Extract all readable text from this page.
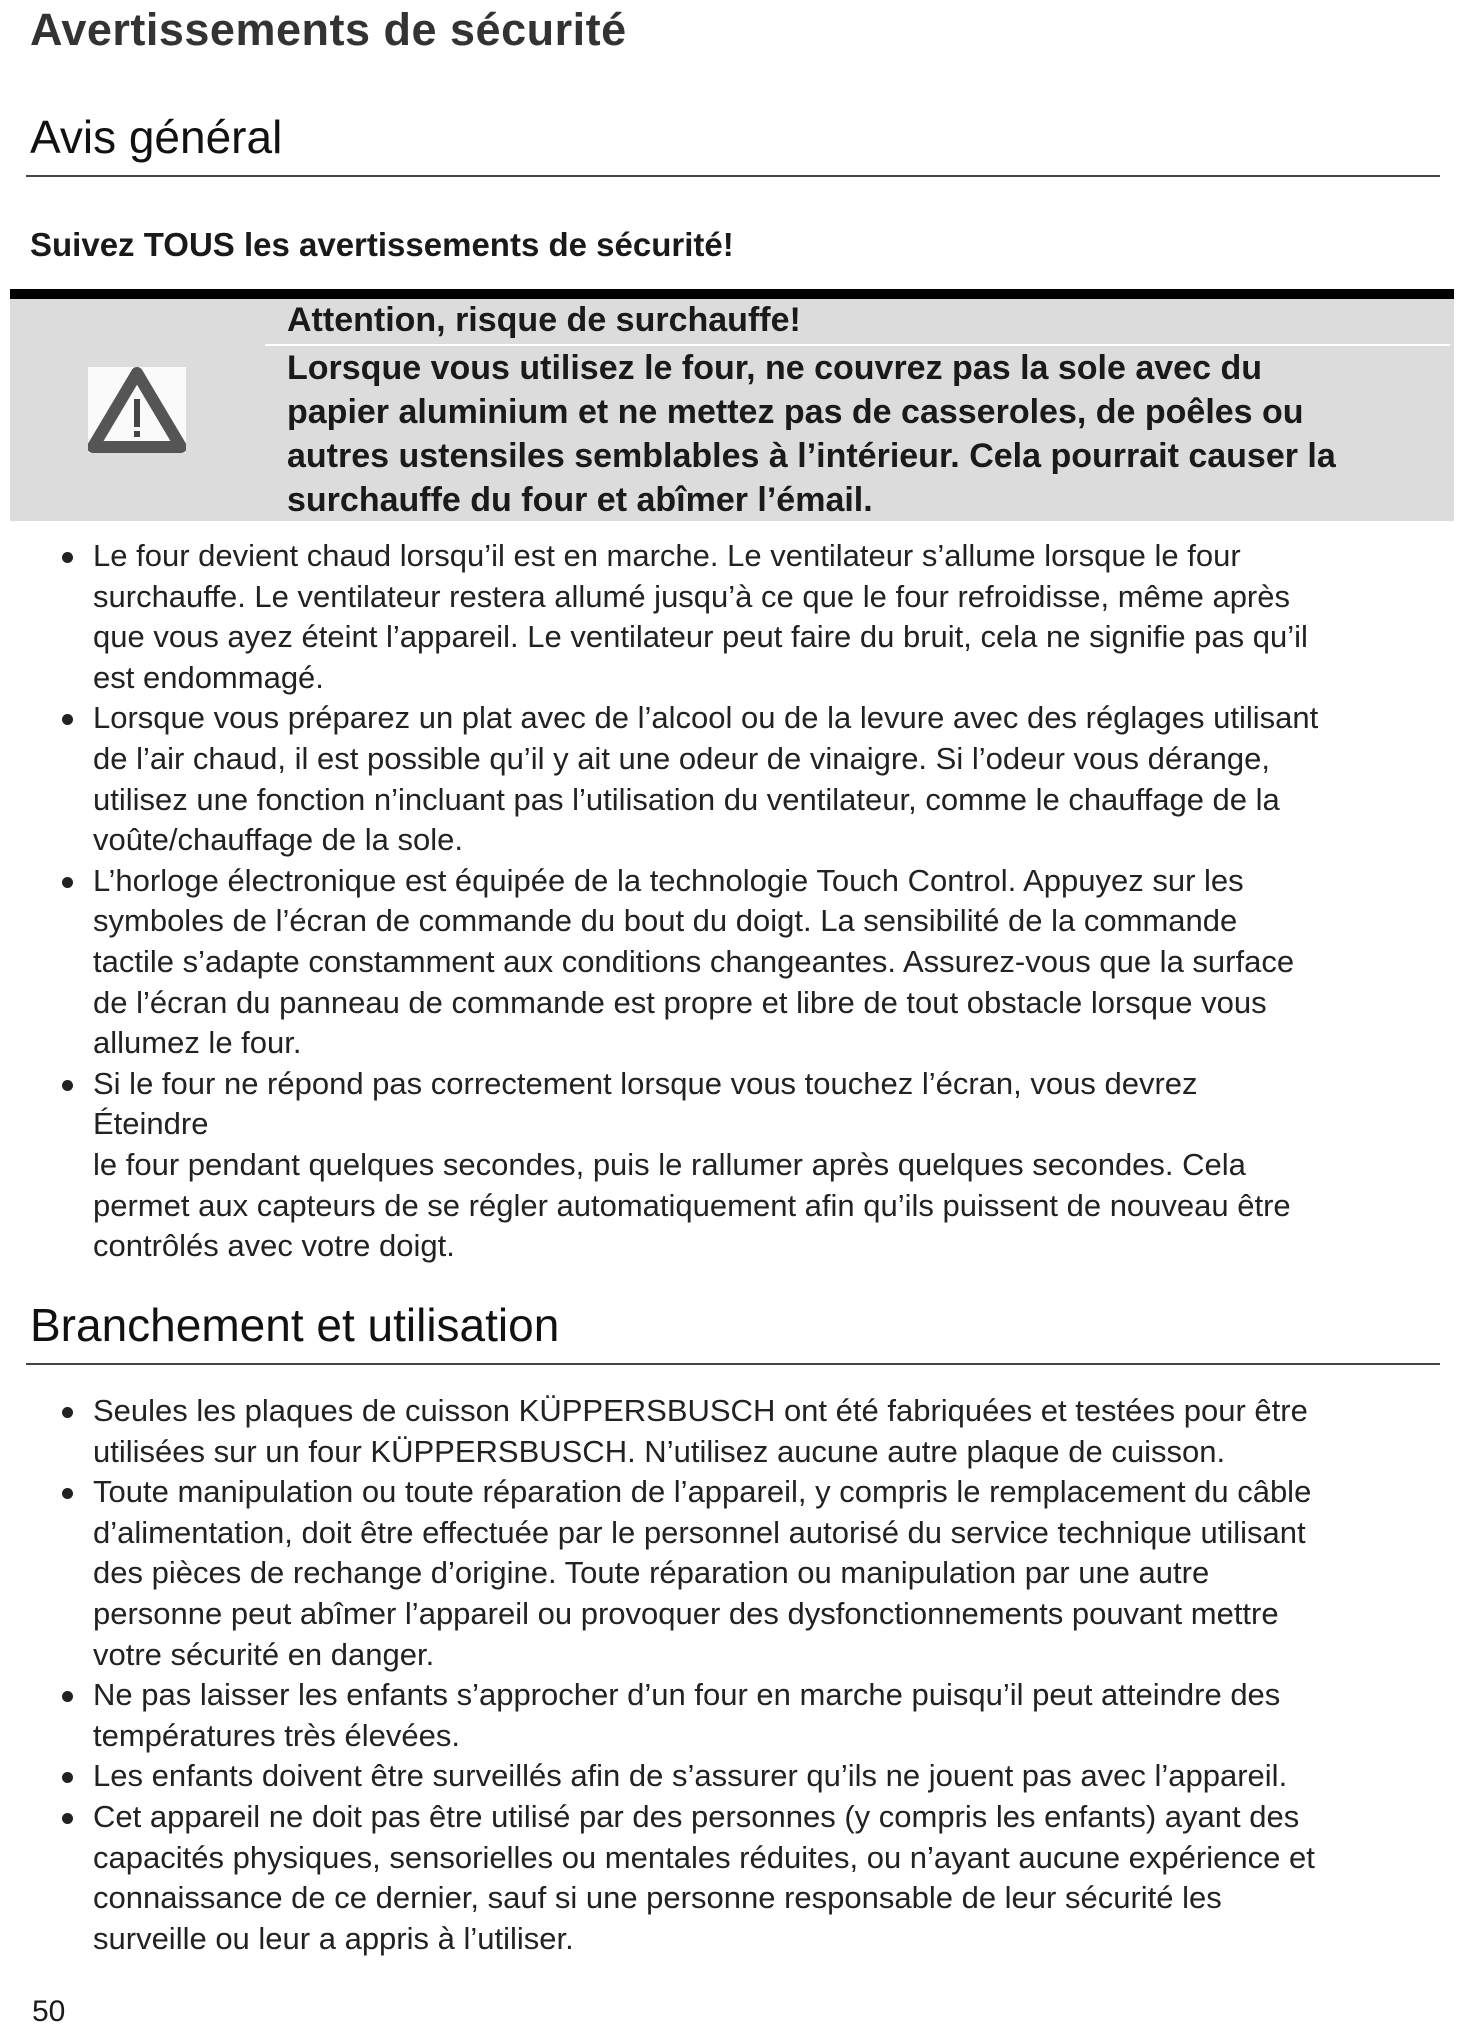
Avertissements de sécurité
Avis général
Suivez TOUS les avertissements de sécurité!
Attention, risque de surchauffe!
Lorsque vous utilisez le four, ne couvrez pas la sole avec du
papier aluminium et ne mettez pas de casseroles, de poêles ou
autres ustensiles semblables à l’intérieur. Cela pourrait causer la
surchauffe du four et abîmer l’émail.
Le four devient chaud lorsqu’il est en marche. Le ventilateur s’allume lorsque le four
surchauffe. Le ventilateur restera allumé jusqu’à ce que le four refroidisse, même après
que vous ayez éteint l’appareil. Le ventilateur peut faire du bruit, cela ne signifie pas qu’il
est endommagé.
Lorsque vous préparez un plat avec de l’alcool ou de la levure avec des réglages utilisant
de l’air chaud, il est possible qu’il y ait une odeur de vinaigre. Si l’odeur vous dérange,
utilisez une fonction n’incluant pas l’utilisation du ventilateur, comme le chauffage de la
voûte/chauffage de la sole.
L’horloge électronique est équipée de la technologie Touch Control. Appuyez sur les
symboles de l’écran de commande du bout du doigt. La sensibilité de la commande
tactile s’adapte constamment aux conditions changeantes. Assurez-vous que la surface
de l’écran du panneau de commande est propre et libre de tout obstacle lorsque vous
allumez le four.
Si le four ne répond pas correctement lorsque vous touchez l’écran, vous devrez
Éteindre
le four pendant quelques secondes, puis le rallumer après quelques secondes. Cela
permet aux capteurs de se régler automatiquement afin qu’ils puissent de nouveau être
contrôlés avec votre doigt.
Branchement et utilisation
Seules les plaques de cuisson KÜPPERSBUSCH ont été fabriquées et testées pour être
utilisées sur un four KÜPPERSBUSCH. N’utilisez aucune autre plaque de cuisson.
Toute manipulation ou toute réparation de l’appareil, y compris le remplacement du câble
d’alimentation, doit être effectuée par le personnel autorisé du service technique utilisant
des pièces de rechange d’origine. Toute réparation ou manipulation par une autre
personne peut abîmer l’appareil ou provoquer des dysfonctionnements pouvant mettre
votre sécurité en danger.
Ne pas laisser les enfants s’approcher d’un four en marche puisqu’il peut atteindre des
températures très élevées.
Les enfants doivent être surveillés afin de s’assurer qu’ils ne jouent pas avec l’appareil.
Cet appareil ne doit pas être utilisé par des personnes (y compris les enfants) ayant des
capacités physiques, sensorielles ou mentales réduites, ou n’ayant aucune expérience et
connaissance de ce dernier, sauf si une personne responsable de leur sécurité les
surveille ou leur a appris à l’utiliser.
50
